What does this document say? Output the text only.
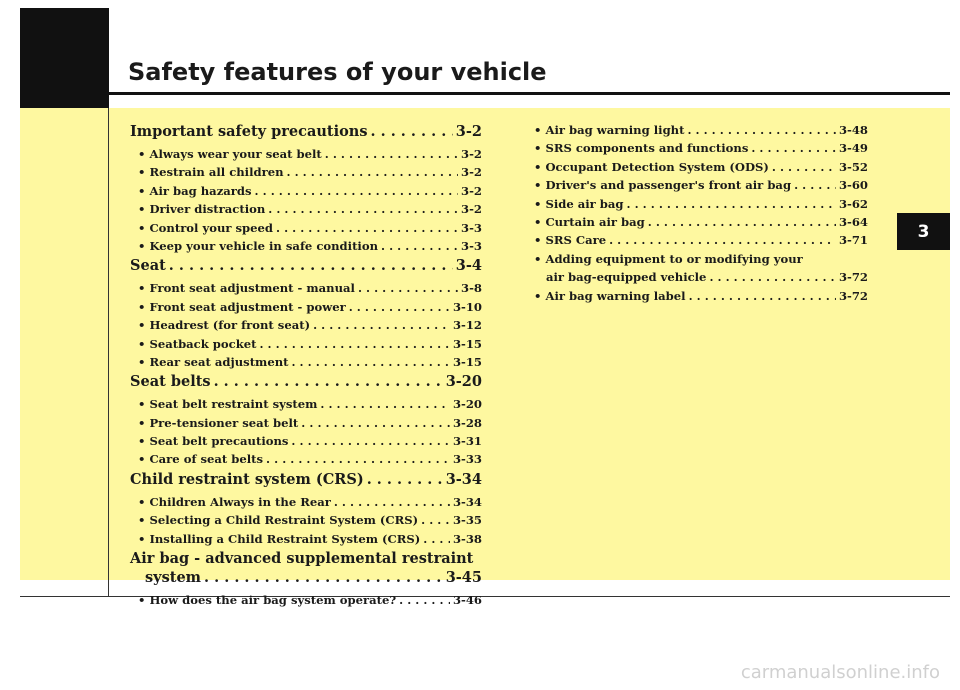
Safety features of your vehicle
3
Important safety precautions . . .	3-2
• Always wear your seat belt . . .	3-2
• Restrain all children . . .	3-2
• Air bag hazards . . .	3-2
• Driver distraction . . .	3-2
• Control your speed . . .	3-3
• Keep your vehicle in safe condition . . .	3-3
Seat . . .	3-4
• Front seat adjustment - manual . . .	3-8
• Front seat adjustment - power . . .	3-10
• Headrest (for front seat) . . .	3-12
• Seatback pocket . . .	3-15
• Rear seat adjustment . . .	3-15
Seat belts . . .	3-20
• Seat belt restraint system . . .	3-20
• Pre-tensioner seat belt . . .	3-28
• Seat belt precautions . . .	3-31
• Care of seat belts . . .	3-33
Child restraint system (CRS) . . .	3-34
• Children Always in the Rear . . .	3-34
• Selecting a Child Restraint System (CRS) . . .	3-35
• Installing a Child Restraint System (CRS) . . .	3-38
Air bag - advanced supplemental restraint
system . . .	3-45
• How does the air bag system operate? . . .	3-46
• Air bag warning light . . .	3-48
• SRS components and functions . . .	3-49
• Occupant Detection System (ODS) . . .	3-52
• Driver's and passenger's front air bag . . .	3-60
• Side air bag . . .	3-62
• Curtain air bag . . .	3-64
• SRS Care . . .	3-71
• Adding equipment to or modifying your
air bag-equipped vehicle . . .	3-72
• Air bag warning label . . .	3-72

carmanualsonline.info
